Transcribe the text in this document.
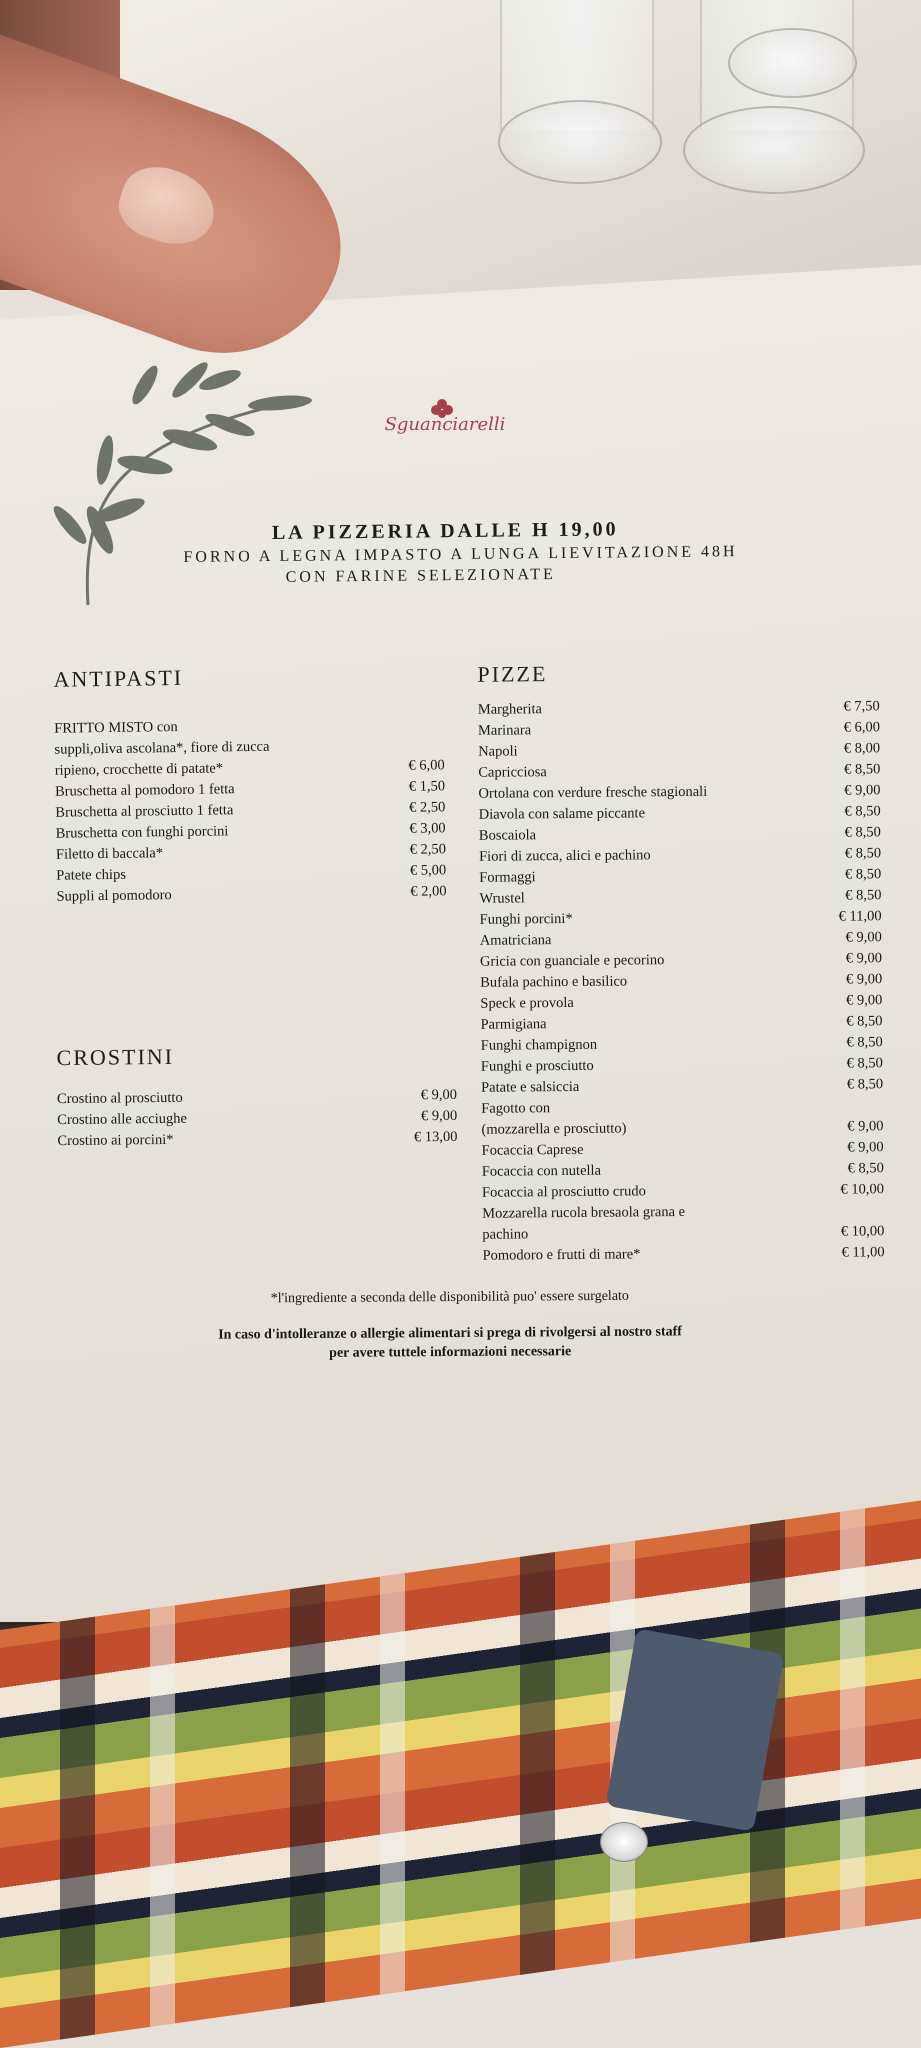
Sguanciarelli
LA PIZZERIA DALLE H 19,00
FORNO A LEGNA IMPASTO A LUNGA LIEVITAZIONE 48H
CON FARINE SELEZIONATE
ANTIPASTI
FRITTO MISTO con
suppli,oliva ascolana*, fiore di zucca
ripieno, crocchette di patate*	€ 6,00
Bruschetta al pomodoro 1 fetta	€ 1,50
Bruschetta al prosciutto 1 fetta	€ 2,50
Bruschetta con funghi porcini	€ 3,00
Filetto di baccala*	€ 2,50
Patete chips	€ 5,00
Suppli al pomodoro	€ 2,00
CROSTINI
Crostino al prosciutto	€ 9,00
Crostino alle acciughe	€ 9,00
Crostino ai porcini*	€ 13,00
PIZZE
Margherita	€ 7,50
Marinara	€ 6,00
Napoli	€ 8,00
Capricciosa	€ 8,50
Ortolana con verdure fresche stagionali	€ 9,00
Diavola con salame piccante	€ 8,50
Boscaiola	€ 8,50
Fiori di zucca, alici e pachino	€ 8,50
Formaggi	€ 8,50
Wrustel	€ 8,50
Funghi porcini*	€ 11,00
Amatriciana	€ 9,00
Gricia con guanciale e pecorino	€ 9,00
Bufala pachino e basilico	€ 9,00
Speck e provola	€ 9,00
Parmigiana	€ 8,50
Funghi champignon	€ 8,50
Funghi e prosciutto	€ 8,50
Patate e salsiccia	€ 8,50
Fagotto con
(mozzarella e prosciutto)	€ 9,00
Focaccia Caprese	€ 9,00
Focaccia con nutella	€ 8,50
Focaccia al prosciutto crudo	€ 10,00
Mozzarella rucola bresaola grana e
pachino	€ 10,00
Pomodoro e frutti di mare*	€ 11,00
*l'ingrediente a seconda delle disponibilità puo' essere surgelato
In caso d'intolleranze o allergie alimentari si prega di rivolgersi al nostro staff
per avere tuttele informazioni necessarie
